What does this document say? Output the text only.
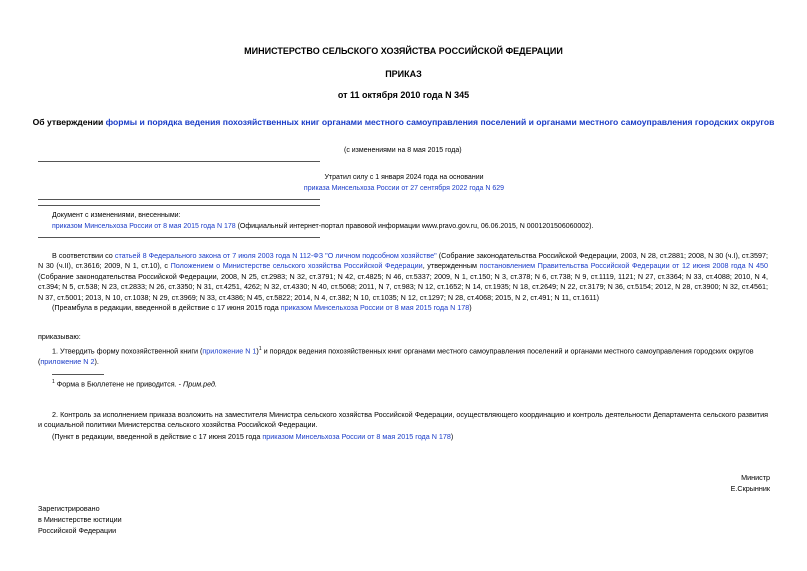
МИНИСТЕРСТВО СЕЛЬСКОГО ХОЗЯЙСТВА РОССИЙСКОЙ ФЕДЕРАЦИИ
ПРИКАЗ
от 11 октября 2010 года N 345
Об утверждении формы и порядка ведения похозяйственных книг органами местного самоуправления поселений и органами местного самоуправления городских округов
(с изменениями на 8 мая 2015 года)
Утратил силу с 1 января 2024 года на основании
приказа Минсельхоза России от 27 сентября 2022 года N 629
Документ с изменениями, внесенными:
приказом Минсельхоза России от 8 мая 2015 года N 178 (Официальный интернет-портал правовой информации www.pravo.gov.ru, 06.06.2015, N 0001201506060002).
В соответствии со статьей 8 Федерального закона от 7 июля 2003 года N 112-ФЗ "О личном подсобном хозяйстве" (Собрание законодательства Российской Федерации, 2003, N 28, ст.2881; 2008, N 30 (ч.I), ст.3597; N 30 (ч.II), ст.3616; 2009, N 1, ст.10), с Положением о Министерстве сельского хозяйства Российской Федерации, утвержденным постановлением Правительства Российской Федерации от 12 июня 2008 года N 450 (Собрание законодательства Российской Федерации, 2008, N 25, ст.2983; N 32, ст.3791; N 42, ст.4825; N 46, ст.5337; 2009, N 1, ст.150; N 3, ст.378; N 6, ст.738; N 9, ст.1119, 1121; N 27, ст.3364; N 33, ст.4088; 2010, N 4, ст.394; N 5, ст.538; N 23, ст.2833; N 26, ст.3350; N 31, ст.4251, 4262; N 32, ст.4330; N 40, ст.5068; 2011, N 7, ст.983; N 12, ст.1652; N 14, ст.1935; N 18, ст.2649; N 22, ст.3179; N 36, ст.5154; 2012, N 28, ст.3900; N 32, ст.4561; N 37, ст.5001; 2013, N 10, ст.1038; N 29, ст.3969; N 33, ст.4386; N 45, ст.5822; 2014, N 4, ст.382; N 10, ст.1035; N 12, ст.1297; N 28, ст.4068; 2015, N 2, ст.491; N 11, ст.1611)
(Преамбула в редакции, введенной в действие с 17 июня 2015 года приказом Минсельхоза России от 8 мая 2015 года N 178)
приказываю:
1. Утвердить форму похозяйственной книги (приложение N 1)$^1$ и порядок ведения похозяйственных книг органами местного самоуправления поселений и органами местного самоуправления городских округов (приложение N 2).
$^1$ Форма в Бюллетене не приводится. - Прим.ред.
2. Контроль за исполнением приказа возложить на заместителя Министра сельского хозяйства Российской Федерации, осуществляющего координацию и контроль деятельности Департамента сельского развития и социальной политики Министерства сельского хозяйства Российской Федерации.
(Пункт в редакции, введенной в действие с 17 июня 2015 года приказом Минсельхоза России от 8 мая 2015 года N 178)
Министр
Е.Скрынник
Зарегистрировано
в Министерстве юстиции
Российской Федерации
